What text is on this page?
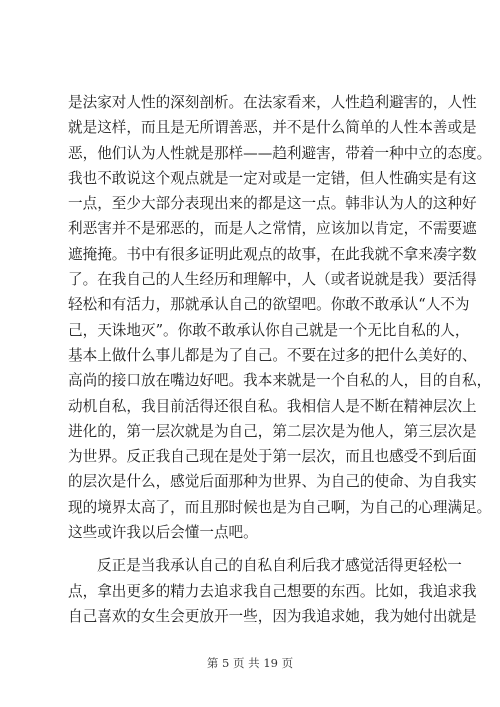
是法家对人性的深刻剖析。在法家看来，人性趋利避害的，人性
就是这样，而且是无所谓善恶，并不是什么简单的人性本善或是
恶，他们认为人性就是那样——趋利避害，带着一种中立的态度。
我也不敢说这个观点就是一定对或是一定错，但人性确实是有这
一点，至少大部分表现出来的都是这一点。韩非认为人的这种好
利恶害并不是邪恶的，而是人之常情，应该加以肯定，不需要遮
遮掩掩。书中有很多证明此观点的故事，在此我就不拿来凑字数
了。在我自己的人生经历和理解中，人（或者说就是我）要活得
轻松和有活力，那就承认自己的欲望吧。你敢不敢承认“人不为
己，天诛地灭”。你敢不敢承认你自己就是一个无比自私的人，
基本上做什么事儿都是为了自己。不要在过多的把什么美好的、
高尚的接口放在嘴边好吧。我本来就是一个自私的人，目的自私，
动机自私，我目前活得还很自私。我相信人是不断在精神层次上
进化的，第一层次就是为自己，第二层次是为他人，第三层次是
为世界。反正我自己现在是处于第一层次，而且也感受不到后面
的层次是什么，感觉后面那种为世界、为自己的使命、为自我实
现的境界太高了，而且那时候也是为自己啊，为自己的心理满足。
这些或许我以后会懂一点吧。
反正是当我承认自己的自私自利后我才感觉活得更轻松一
点，拿出更多的精力去追求我自己想要的东西。比如，我追求我
自己喜欢的女生会更放开一些，因为我追求她，我为她付出就是
第 5 页 共 19 页
